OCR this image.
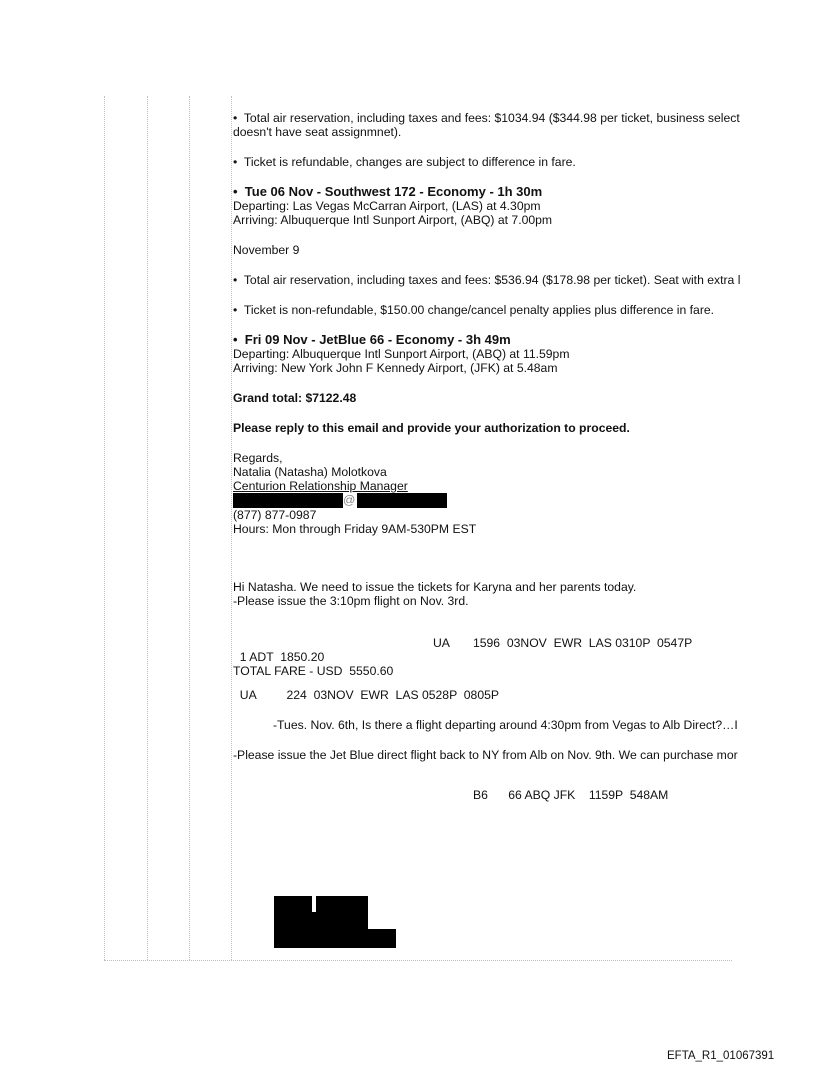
• Total air reservation, including taxes and fees: $1034.94 ($344.98 per ticket, business select

doesn't have seat assignmnet).

• Ticket is refundable, changes are subject to difference in fare.

• Tue 06 Nov - Southwest 172 - Economy - 1h 30m

Departing: Las Vegas McCarran Airport, (LAS) at 4.30pm

Arriving: Albuquerque Intl Sunport Airport, (ABQ) at 7.00pm

November 9

• Total air reservation, including taxes and fees: $536.94 ($178.98 per ticket). Seat with extra l

• Ticket is non-refundable, $150.00 change/cancel penalty applies plus difference in fare.

• Fri 09 Nov - JetBlue 66 - Economy - 3h 49m

Departing: Albuquerque Intl Sunport Airport, (ABQ) at 11.59pm

Arriving: New York John F Kennedy Airport, (JFK) at 5.48am

Grand total: $7122.48

Please reply to this email and provide your authorization to proceed.

Regards,

Natalia (Natasha) Molotkova

Centurion Relationship Manager

@

(877) 877-0987

Hours: Mon through Friday 9AM-530PM EST

Hi Natasha. We need to issue the tickets for Karyna and her parents today.

-Please issue the 3:10pm flight on Nov. 3rd.

UA       1596  03NOV  EWR  LAS 0310P  0547P

1 ADT  1850.20

TOTAL FARE - USD  5550.60

UA         224  03NOV  EWR  LAS 0528P  0805P

-Tues. Nov. 6th, Is there a flight departing around 4:30pm from Vegas to Alb Direct?…I

-Please issue the Jet Blue direct flight back to NY from Alb on Nov. 9th. We can purchase mor

B6      66 ABQ JFK    1159P  548AM

EFTA_R1_01067391
